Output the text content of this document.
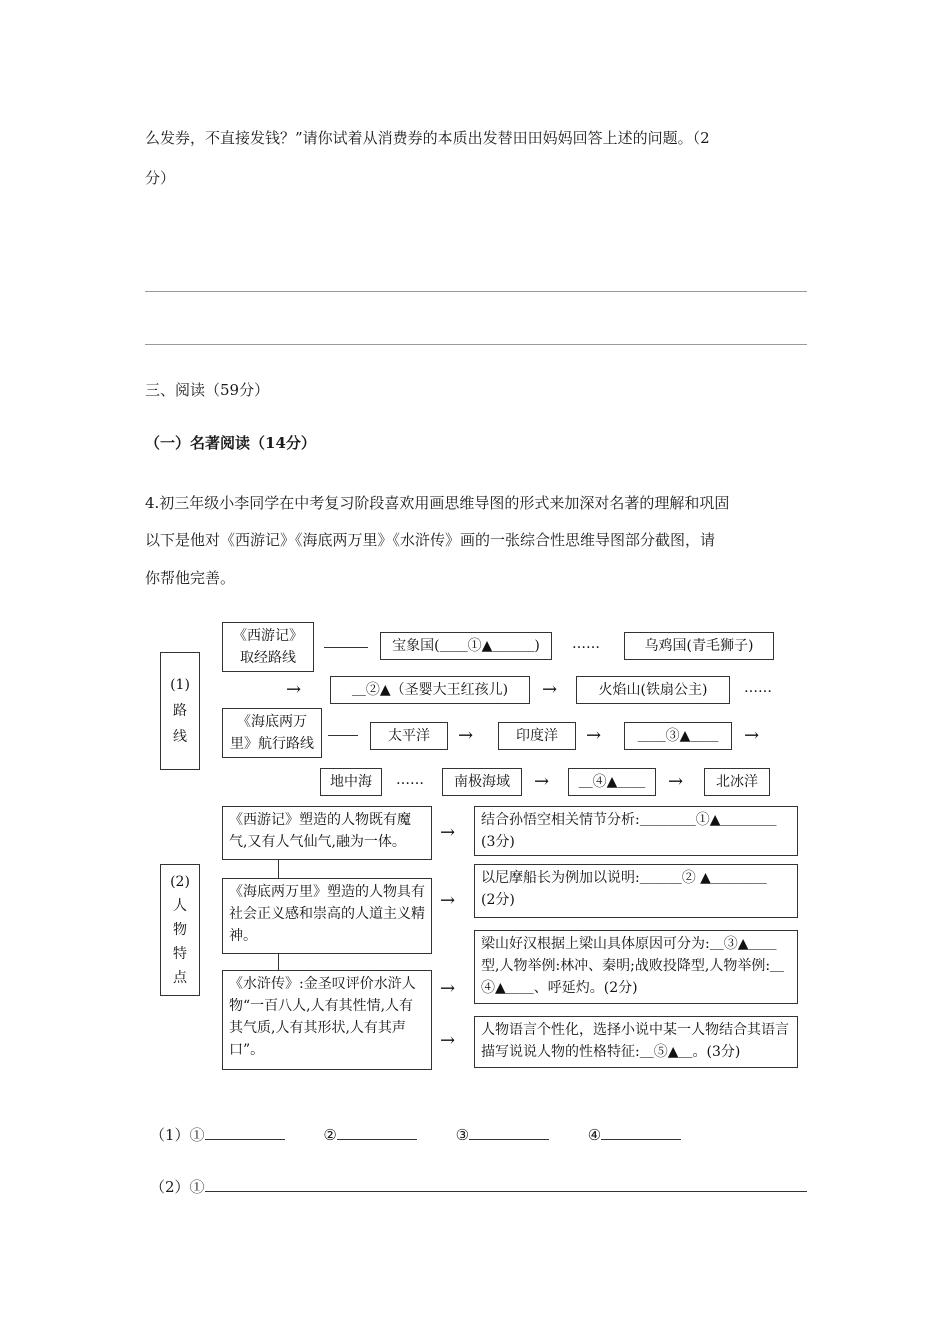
么发券，不直接发钱？”请你试着从消费券的本质出发替田田妈妈回答上述的问题。（2

分）

三、阅读（59分）

（一）名著阅读（14分）

4.初三年级小李同学在中考复习阶段喜欢用画思维导图的形式来加深对名著的理解和巩固

以下是他对《西游记》《海底两万里》《水浒传》画的一张综合性思维导图部分截图，请

你帮他完善。

(1)
路
线
《西游记》
取经路线
宝象国(＿＿①▲＿＿＿)	……	乌鸡国(青毛狮子)
→	＿②▲（圣婴大王红孩儿)	→	火焰山(铁扇公主)	……
《海底两万
里》航行路线	太平洋	→	印度洋	→	＿＿③▲＿＿	→
地中海	……	南极海域	→	＿④▲＿＿	→	北冰洋
(2)
人
物
特
点
《西游记》塑造的人物既有魔气,又有人气仙气,融为一体。	→
结合孙悟空相关情节分析:＿＿＿＿①▲＿＿＿＿
(3分)
《海底两万里》塑造的人物具有社会正义感和崇高的人道主义精神。
→
以尼摩船长为例加以说明:＿＿＿② ▲＿＿＿＿
(2分)
《水浒传》:金圣叹评价水浒人物“一百八人,人有其性情,人有其气质,人有其形状,人有其声口”。
→
梁山好汉根据上梁山具体原因可分为:＿③▲＿＿型,人物举例:林冲、秦明;战败投降型,人物举例:＿④▲＿＿、呼延灼。(2分)
→	人物语言个性化，选择小说中某一人物结合其语言描写说说人物的性格特征:＿⑤▲＿。(3分)
（1）①	②	③	④
（2）①
